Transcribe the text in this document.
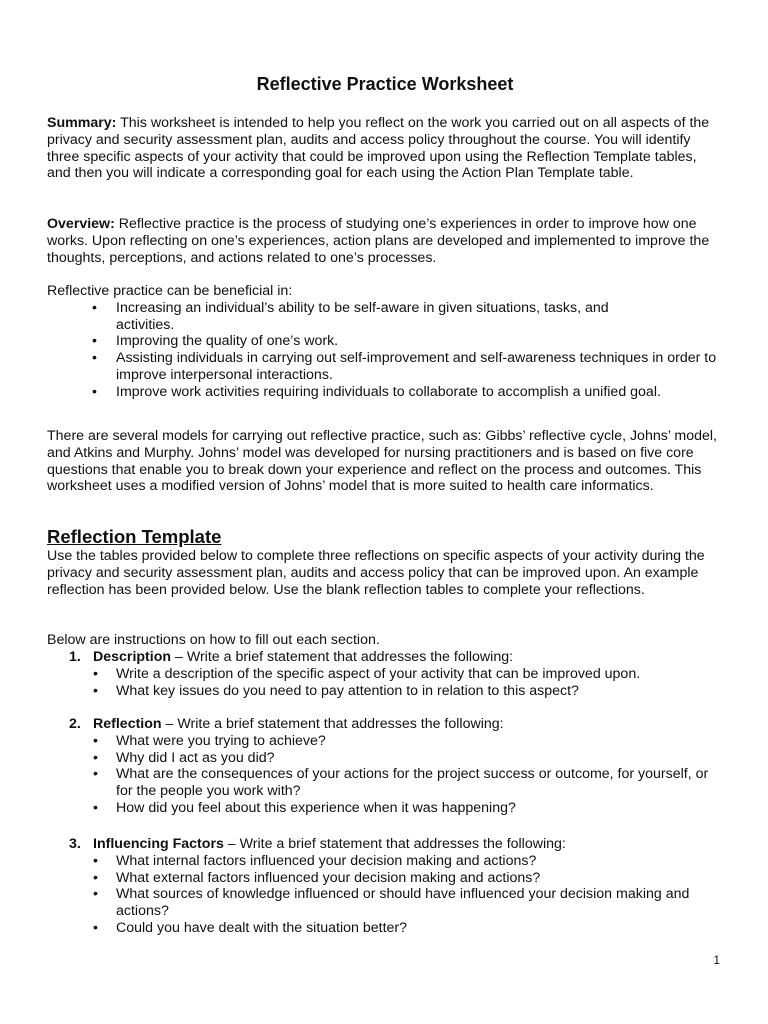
Reflective Practice Worksheet

Summary: This worksheet is intended to help you reflect on the work you carried out on all aspects of the privacy and security assessment plan, audits and access policy throughout the course. You will identify three specific aspects of your activity that could be improved upon using the Reflection Template tables, and then you will indicate a corresponding goal for each using the Action Plan Template table.

Overview: Reflective practice is the process of studying one’s experiences in order to improve how one works. Upon reflecting on one’s experiences, action plans are developed and implemented to improve the thoughts, perceptions, and actions related to one’s processes.

Reflective practice can be beneficial in:

• Increasing an individual’s ability to be self-aware in given situations, tasks, and activities.
• Improving the quality of one’s work.
• Assisting individuals in carrying out self-improvement and self-awareness techniques in order to improve interpersonal interactions.
• Improve work activities requiring individuals to collaborate to accomplish a unified goal.

There are several models for carrying out reflective practice, such as: Gibbs’ reflective cycle, Johns’ model, and Atkins and Murphy. Johns’ model was developed for nursing practitioners and is based on five core questions that enable you to break down your experience and reflect on the process and outcomes. This worksheet uses a modified version of Johns’ model that is more suited to health care informatics.

Reflection Template

Use the tables provided below to complete three reflections on specific aspects of your activity during the privacy and security assessment plan, audits and access policy that can be improved upon. An example reflection has been provided below. Use the blank reflection tables to complete your reflections.

Below are instructions on how to fill out each section.

1. Description – Write a brief statement that addresses the following:
• Write a description of the specific aspect of your activity that can be improved upon.
• What key issues do you need to pay attention to in relation to this aspect?
2. Reflection – Write a brief statement that addresses the following:
• What were you trying to achieve?
• Why did I act as you did?
• What are the consequences of your actions for the project success or outcome, for yourself, or for the people you work with?
• How did you feel about this experience when it was happening?
3. Influencing Factors – Write a brief statement that addresses the following:
• What internal factors influenced your decision making and actions?
• What external factors influenced your decision making and actions?
• What sources of knowledge influenced or should have influenced your decision making and actions?
• Could you have dealt with the situation better?
1
